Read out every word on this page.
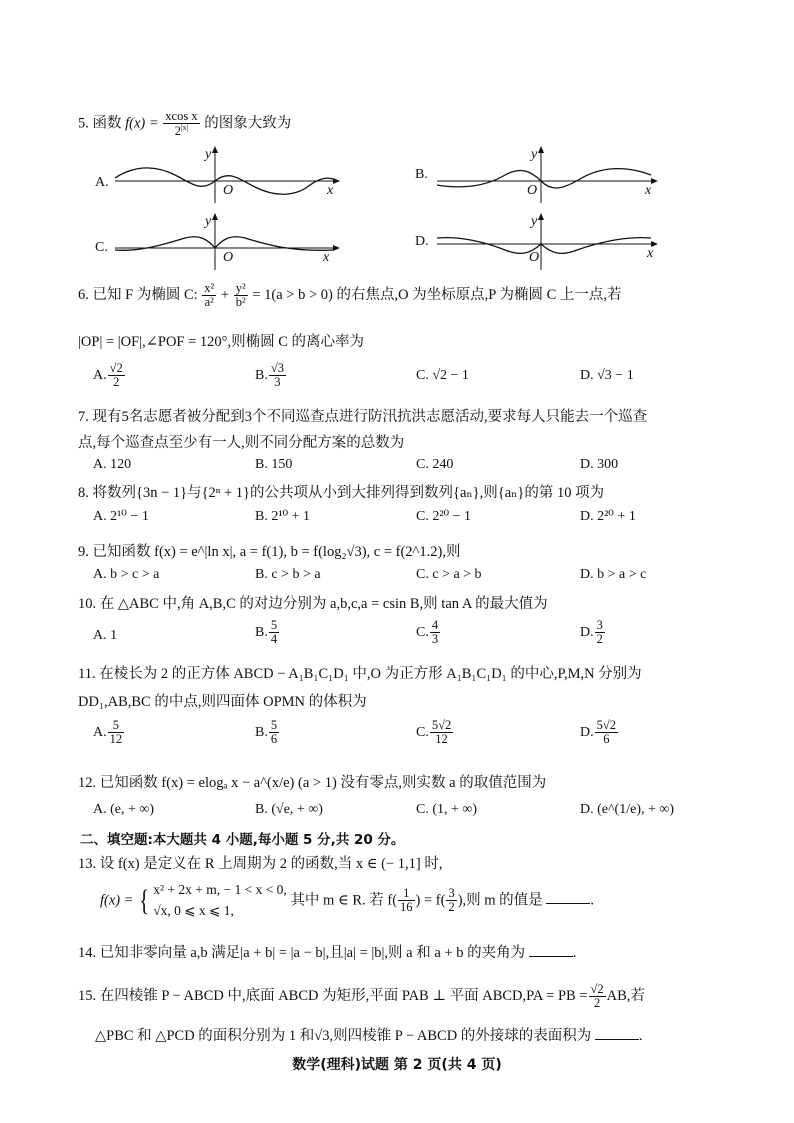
5. 函数 $f(x) = \frac{\text{xcos x}}{2^{|x|}}$ 的图象大致为
A.
y
O	x
B.
y
O	x
C.
y
O	x
D.
y
O	x
6. 已知 F 为椭圆 C: $\frac{\text{x²}}{\text{a²}} + \frac{\text{y²}}{\text{b²}} = 1(a > b > 0)$ 的右焦点,O 为坐标原点,P 为椭圆 C 上一点,若
|OP| = |OF|,∠POF = 120°,则椭圆 C 的离心率为
A. $\frac{√2}{2}$	B. $\frac{√3}{3}$	C. √2 − 1	D. √3 − 1
7. 现有5名志愿者被分配到3个不同巡查点进行防汛抗洪志愿活动,要求每人只能去一个巡查
点,每个巡查点至少有一人,则不同分配方案的总数为
A. 120	B. 150	C. 240	D. 300
8. 将数列{3n − 1}与{2ⁿ + 1}的公共项从小到大排列得到数列{aₙ},则{aₙ}的第 10 项为
A. 2¹⁰ − 1	B. 2¹⁰ + 1	C. 2²⁰ − 1	D. 2²⁰ + 1
9. 已知函数 f(x) = e^|ln x|, a = f(1), b = f(log₂√3), c = f(2^1.2),则
A. b > c > a	B. c > b > a	C. c > a > b	D. b > a > c
10. 在 △ABC 中,角 A,B,C 的对边分别为 a,b,c,a = csin B,则 tan A 的最大值为
A. 1	B. $\frac{5}{4}$	C. $\frac{4}{3}$	D. $\frac{3}{2}$
11. 在棱长为 2 的正方体 ABCD − A₁B₁C₁D₁ 中,O 为正方形 A₁B₁C₁D₁ 的中心,P,M,N 分别为
DD₁,AB,BC 的中点,则四面体 OPMN 的体积为
A. $\frac{5}{12}$	B. $\frac{5}{6}$	C. $\frac{5√2}{12}$	D. $\frac{5√2}{6}$
12. 已知函数 f(x) = elogₐ x − a^(x/e) (a > 1) 没有零点,则实数 a 的取值范围为
A. (e, + ∞)	B. (√e, + ∞)	C. (1, + ∞)	D. (e^(1/e), + ∞)
二、填空题:本大题共 4 小题,每小题 5 分,共 20 分。
13. 设 f(x) 是定义在 R 上周期为 2 的函数,当 x ∈ (− 1,1] 时,
f(x) = { x² + 2x + m, − 1 < x < 0,
√x, 0 ⩽ x ⩽ 1, 其中 m ∈ R. 若 $f( \frac{1}{16}$ ) = $f( \frac{3}{2}$ ),则 m 的值是	.
14. 已知非零向量 a,b 满足|a + b| = |a − b|,且|a| = |b|,则 a 和 a + b 的夹角为	.
15. 在四棱锥 P − ABCD 中,底面 ABCD 为矩形,平面 PAB ⊥ 平面 ABCD,PA = PB = $\frac{√2}{2}$ AB,若
△PBC 和 △PCD 的面积分别为 1 和√3,则四棱锥 P − ABCD 的外接球的表面积为	.
数学(理科)试题 第 2 页(共 4 页)
